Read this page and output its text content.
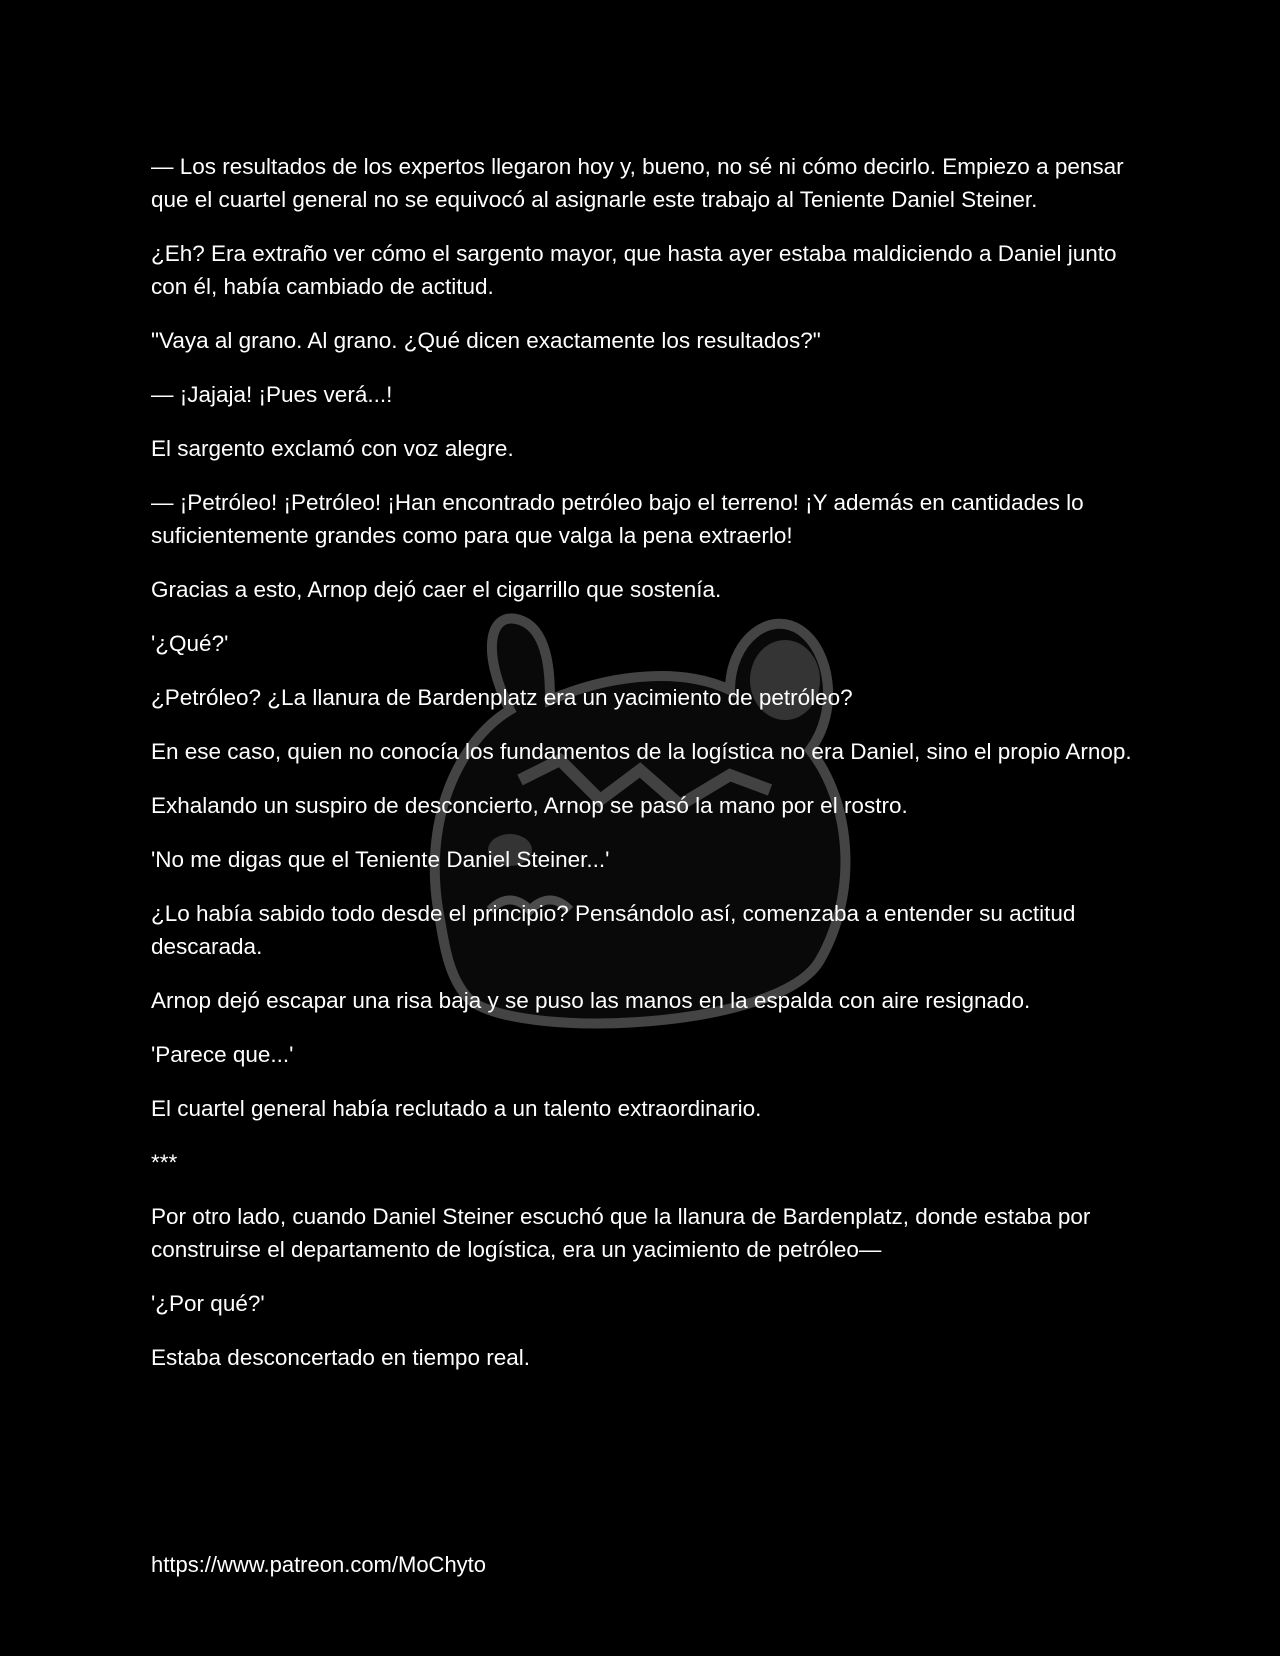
— Los resultados de los expertos llegaron hoy y, bueno, no sé ni cómo decirlo. Empiezo a pensar que el cuartel general no se equivocó al asignarle este trabajo al Teniente Daniel Steiner.

¿Eh? Era extraño ver cómo el sargento mayor, que hasta ayer estaba maldiciendo a Daniel junto con él, había cambiado de actitud.

"Vaya al grano. Al grano. ¿Qué dicen exactamente los resultados?"

— ¡Jajaja! ¡Pues verá...!

El sargento exclamó con voz alegre.

— ¡Petróleo! ¡Petróleo! ¡Han encontrado petróleo bajo el terreno! ¡Y además en cantidades lo suficientemente grandes como para que valga la pena extraerlo!

Gracias a esto, Arnop dejó caer el cigarrillo que sostenía.

'¿Qué?'

¿Petróleo? ¿La llanura de Bardenplatz era un yacimiento de petróleo?

En ese caso, quien no conocía los fundamentos de la logística no era Daniel, sino el propio Arnop.

Exhalando un suspiro de desconcierto, Arnop se pasó la mano por el rostro.

'No me digas que el Teniente Daniel Steiner...'

¿Lo había sabido todo desde el principio? Pensándolo así, comenzaba a entender su actitud descarada.

Arnop dejó escapar una risa baja y se puso las manos en la espalda con aire resignado.

'Parece que...'

El cuartel general había reclutado a un talento extraordinario.

***

Por otro lado, cuando Daniel Steiner escuchó que la llanura de Bardenplatz, donde estaba por construirse el departamento de logística, era un yacimiento de petróleo—

'¿Por qué?'

Estaba desconcertado en tiempo real.

https://www.patreon.com/MoChyto
